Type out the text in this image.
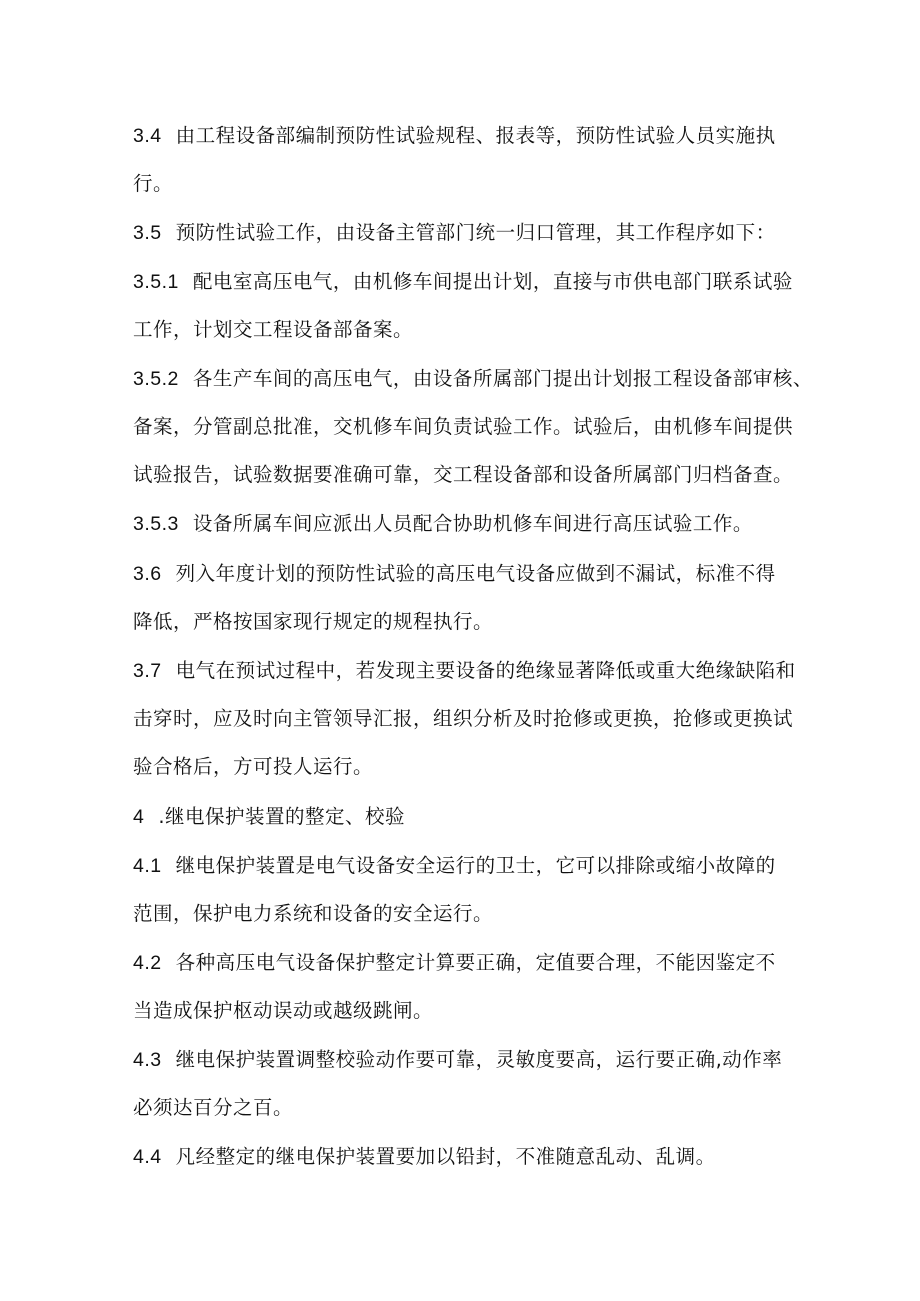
3.4 由工程设备部编制预防性试验规程、报表等，预防性试验人员实施执
行。
3.5 预防性试验工作，由设备主管部门统一归口管理，其工作程序如下：
3.5.1 配电室高压电气，由机修车间提出计划，直接与市供电部门联系试验
工作，计划交工程设备部备案。
3.5.2 各生产车间的高压电气，由设备所属部门提出计划报工程设备部审核、
备案，分管副总批准，交机修车间负责试验工作。试验后，由机修车间提供
试验报告，试验数据要准确可靠，交工程设备部和设备所属部门归档备查。
3.5.3 设备所属车间应派出人员配合协助机修车间进行高压试验工作。
3.6 列入年度计划的预防性试验的高压电气设备应做到不漏试，标准不得
降低，严格按国家现行规定的规程执行。
3.7 电气在预试过程中，若发现主要设备的绝缘显著降低或重大绝缘缺陷和
击穿时，应及时向主管领导汇报，组织分析及时抢修或更换，抢修或更换试
验合格后，方可投人运行。
4 .继电保护装置的整定、校验
4.1 继电保护装置是电气设备安全运行的卫士，它可以排除或缩小故障的
范围，保护电力系统和设备的安全运行。
4.2 各种高压电气设备保护整定计算要正确，定值要合理，不能因鉴定不
当造成保护枢动误动或越级跳闸。
4.3 继电保护装置调整校验动作要可靠，灵敏度要高，运行要正确,动作率
必须达百分之百。
4.4 凡经整定的继电保护装置要加以铅封，不准随意乱动、乱调。
